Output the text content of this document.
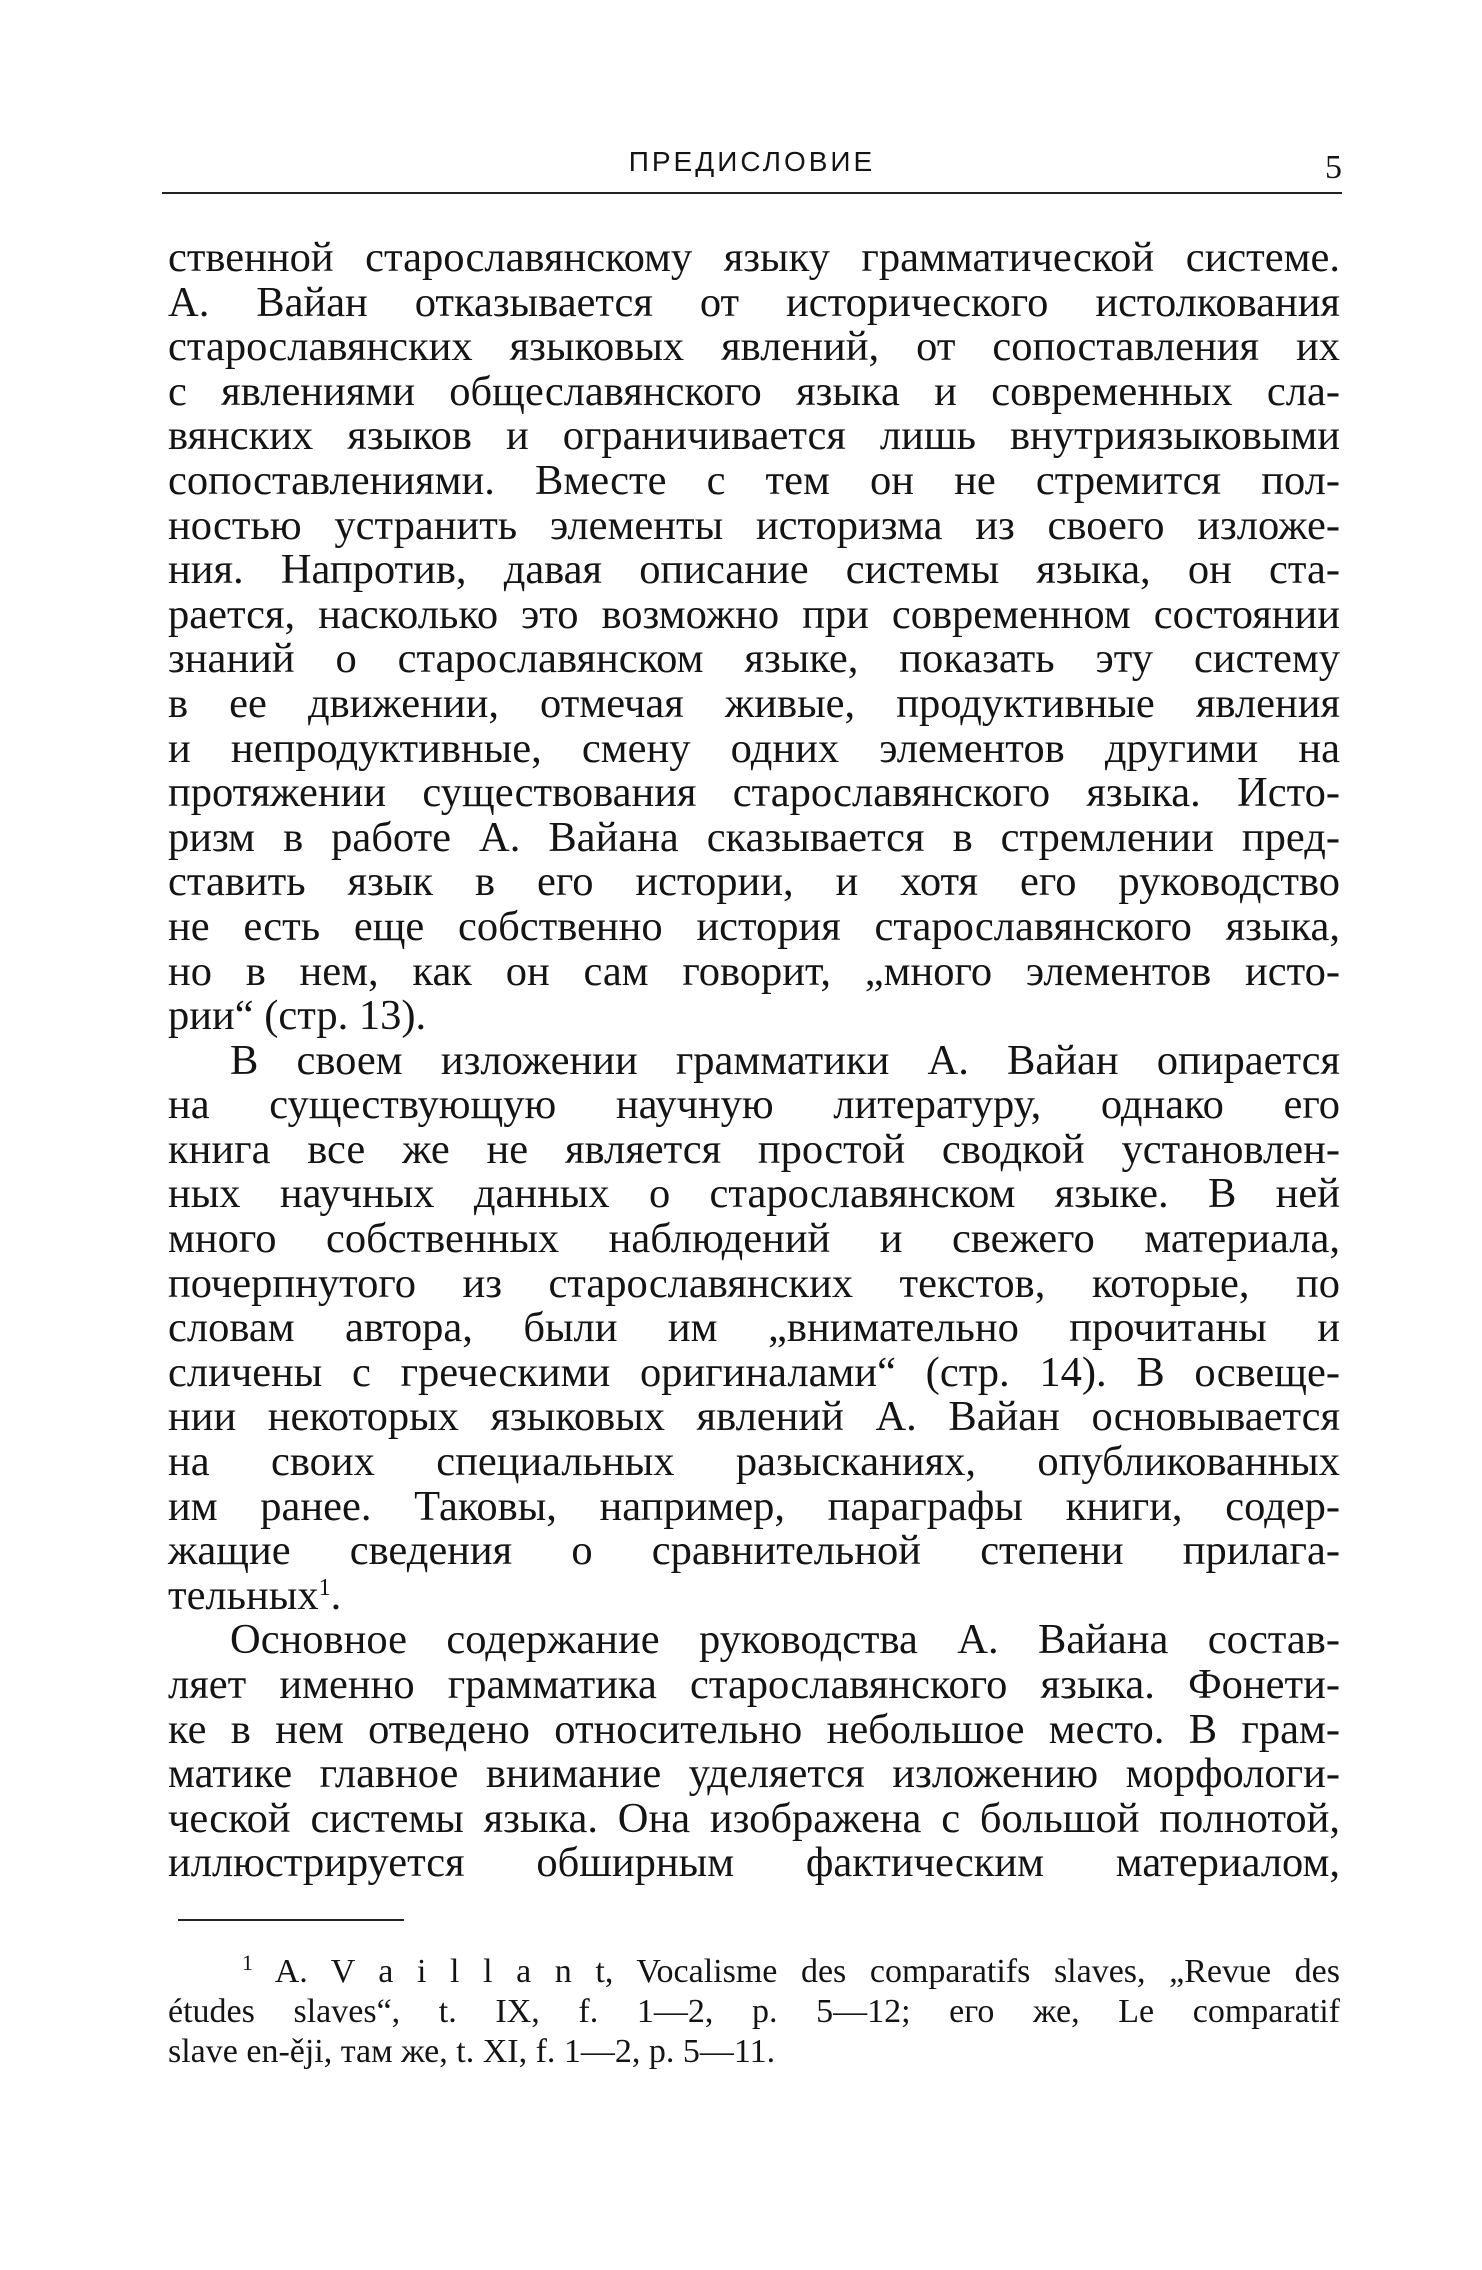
ПРЕДИСЛОВИЕ	5
ственной старославянскому языку грамматической системе.
А. Вайан отказывается от исторического истолкования
старославянских языковых явлений, от сопоставления их
с явлениями общеславянского языка и современных сла-
вянских языков и ограничивается лишь внутриязыковыми
сопоставлениями. Вместе с тем он не стремится пол-
ностью устранить элементы историзма из своего изложе-
ния. Напротив, давая описание системы языка, он ста-
рается, насколько это возможно при современном состоянии
знаний о старославянском языке, показать эту систему
в ее движении, отмечая живые, продуктивные явления
и непродуктивные, смену одних элементов другими на
протяжении существования старославянского языка. Исто-
ризм в работе А. Вайана сказывается в стремлении пред-
ставить язык в его истории, и хотя его руководство
не есть еще собственно история старославянского языка,
но в нем, как он сам говорит, „много элементов исто-
рии“ (стр. 13).
В своем изложении грамматики А. Вайан опирается
на существующую научную литературу, однако его
книга все же не является простой сводкой установлен-
ных научных данных о старославянском языке. В ней
много собственных наблюдений и свежего материала,
почерпнутого из старославянских текстов, которые, по
словам автора, были им „внимательно прочитаны и
сличены с греческими оригиналами“ (стр. 14). В освеще-
нии некоторых языковых явлений А. Вайан основывается
на своих специальных разысканиях, опубликованных
им ранее. Таковы, например, параграфы книги, содер-
жащие сведения о сравнительной степени прилага-
тельных$^1$.
Основное содержание руководства А. Вайана состав-
ляет именно грамматика старославянского языка. Фонети-
ке в нем отведено относительно небольшое место. В грам-
матике главное внимание уделяется изложению морфологи-
ческой системы языка. Она изображена с большой полнотой,
иллюстрируется обширным фактическим материалом,
$^1$ A. V a i l l a n t, Vocalisme des comparatifs slaves, „Revue des
études slaves“, t. IX, f. 1—2, p. 5—12; его же, Le comparatif
slave en-ěji, там же, t. XI, f. 1—2, p. 5—11.
